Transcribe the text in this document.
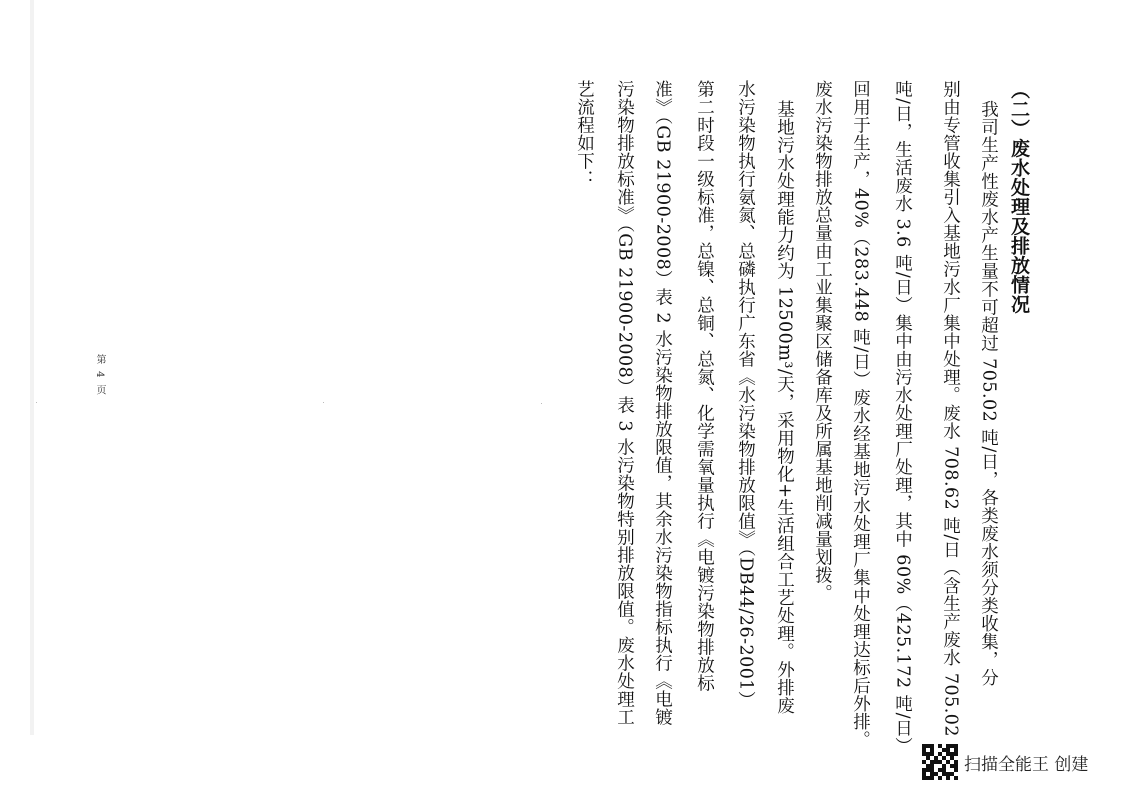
（二）废水处理及排放情况
我司生产性废水产生量不可超过 705.02 吨/日，各类废水须分类收集，分
别由专管收集引入基地污水厂集中处理。废水 708.62 吨/日（含生产废水 705.02
吨/日，生活废水 3.6 吨/日）集中由污水处理厂处理，其中 60%（425.172 吨/日）
回用于生产，40%（283.448 吨/日）废水经基地污水处理厂集中处理达标后外排。
废水污染物排放总量由工业集聚区储备库及所属基地削减量划拨。
基地污水处理能力约为 12500m³/天，采用物化+生活组合工艺处理。外排废
水污染物执行氨氮、总磷执行广东省《水污染物排放限值》（DB44/26-2001）
第二时段一级标准，总镍、总铜、总氮、化学需氧量执行《电镀污染物排放标
准》（GB 21900-2008）表 2 水污染物排放限值，其余水污染物指标执行《电镀
污染物排放标准》（GB 21900-2008）表 3 水污染物特别排放限值。废水处理工
艺流程如下：
第 4 页
扫描全能王 创建
